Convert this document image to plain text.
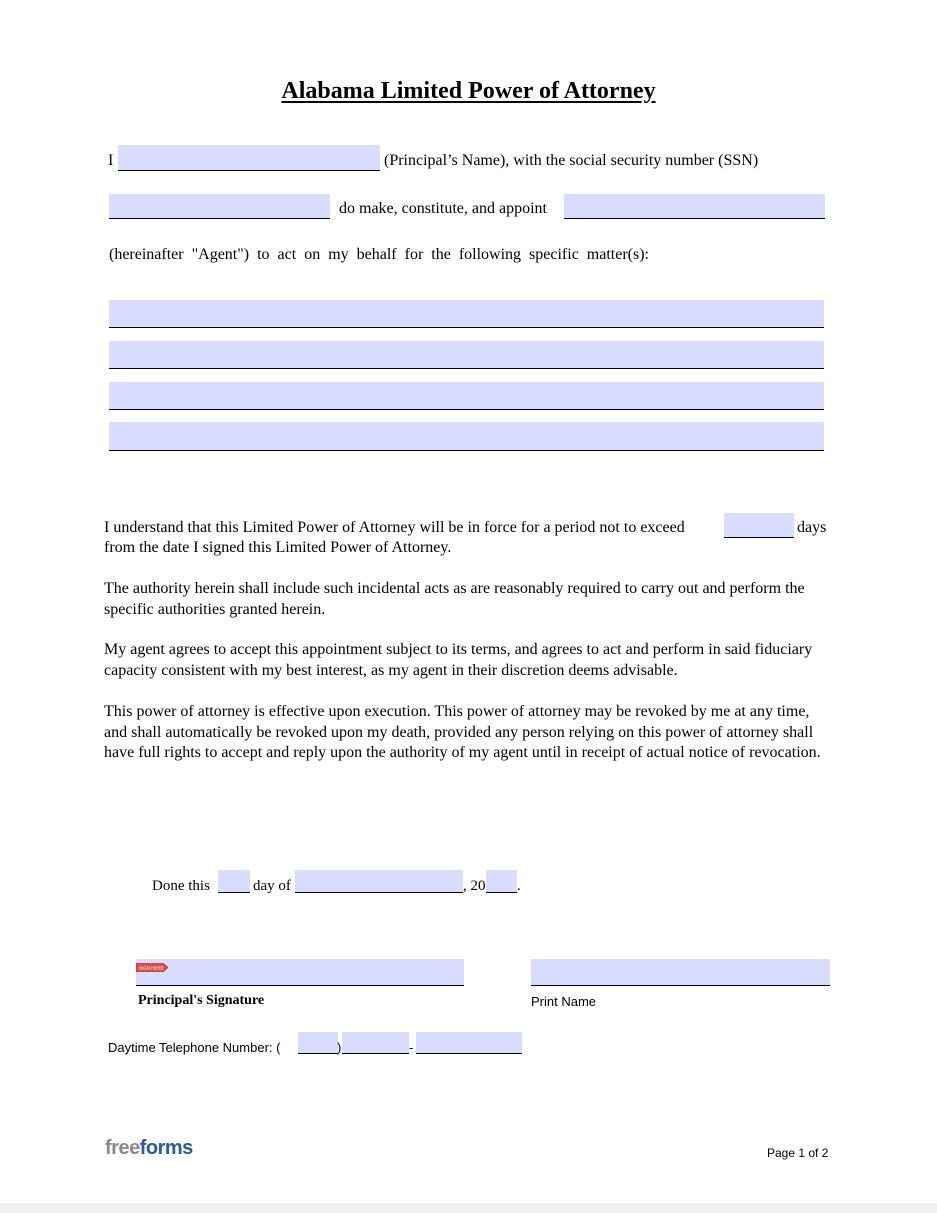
Alabama Limited Power of Attorney
I	(Principal’s Name), with the social security number (SSN)
do make, constitute, and appoint
(hereinafter "Agent") to act on my behalf for the following specific matter(s):
I understand that this Limited Power of Attorney will be in force for a period not to exceed	days
from the date I signed this Limited Power of Attorney.
The authority herein shall include such incidental acts as are reasonably required to carry out and perform the specific authorities granted herein.
My agent agrees to accept this appointment subject to its terms, and agrees to act and perform in said fiduciary capacity consistent with my best interest, as my agent in their discretion deems advisable.
This power of attorney is effective upon execution. This power of attorney may be revoked by me at any time, and shall automatically be revoked upon my death, provided any person relying on this power of attorney shall have full rights to accept and reply upon the authority of my agent until in receipt of actual notice of revocation.
Done this	day of	, 20 .
SIGN HERE
Principal's Signature	Print Name
Daytime Telephone Number: (	)	-
freeforms	Page 1 of 2
